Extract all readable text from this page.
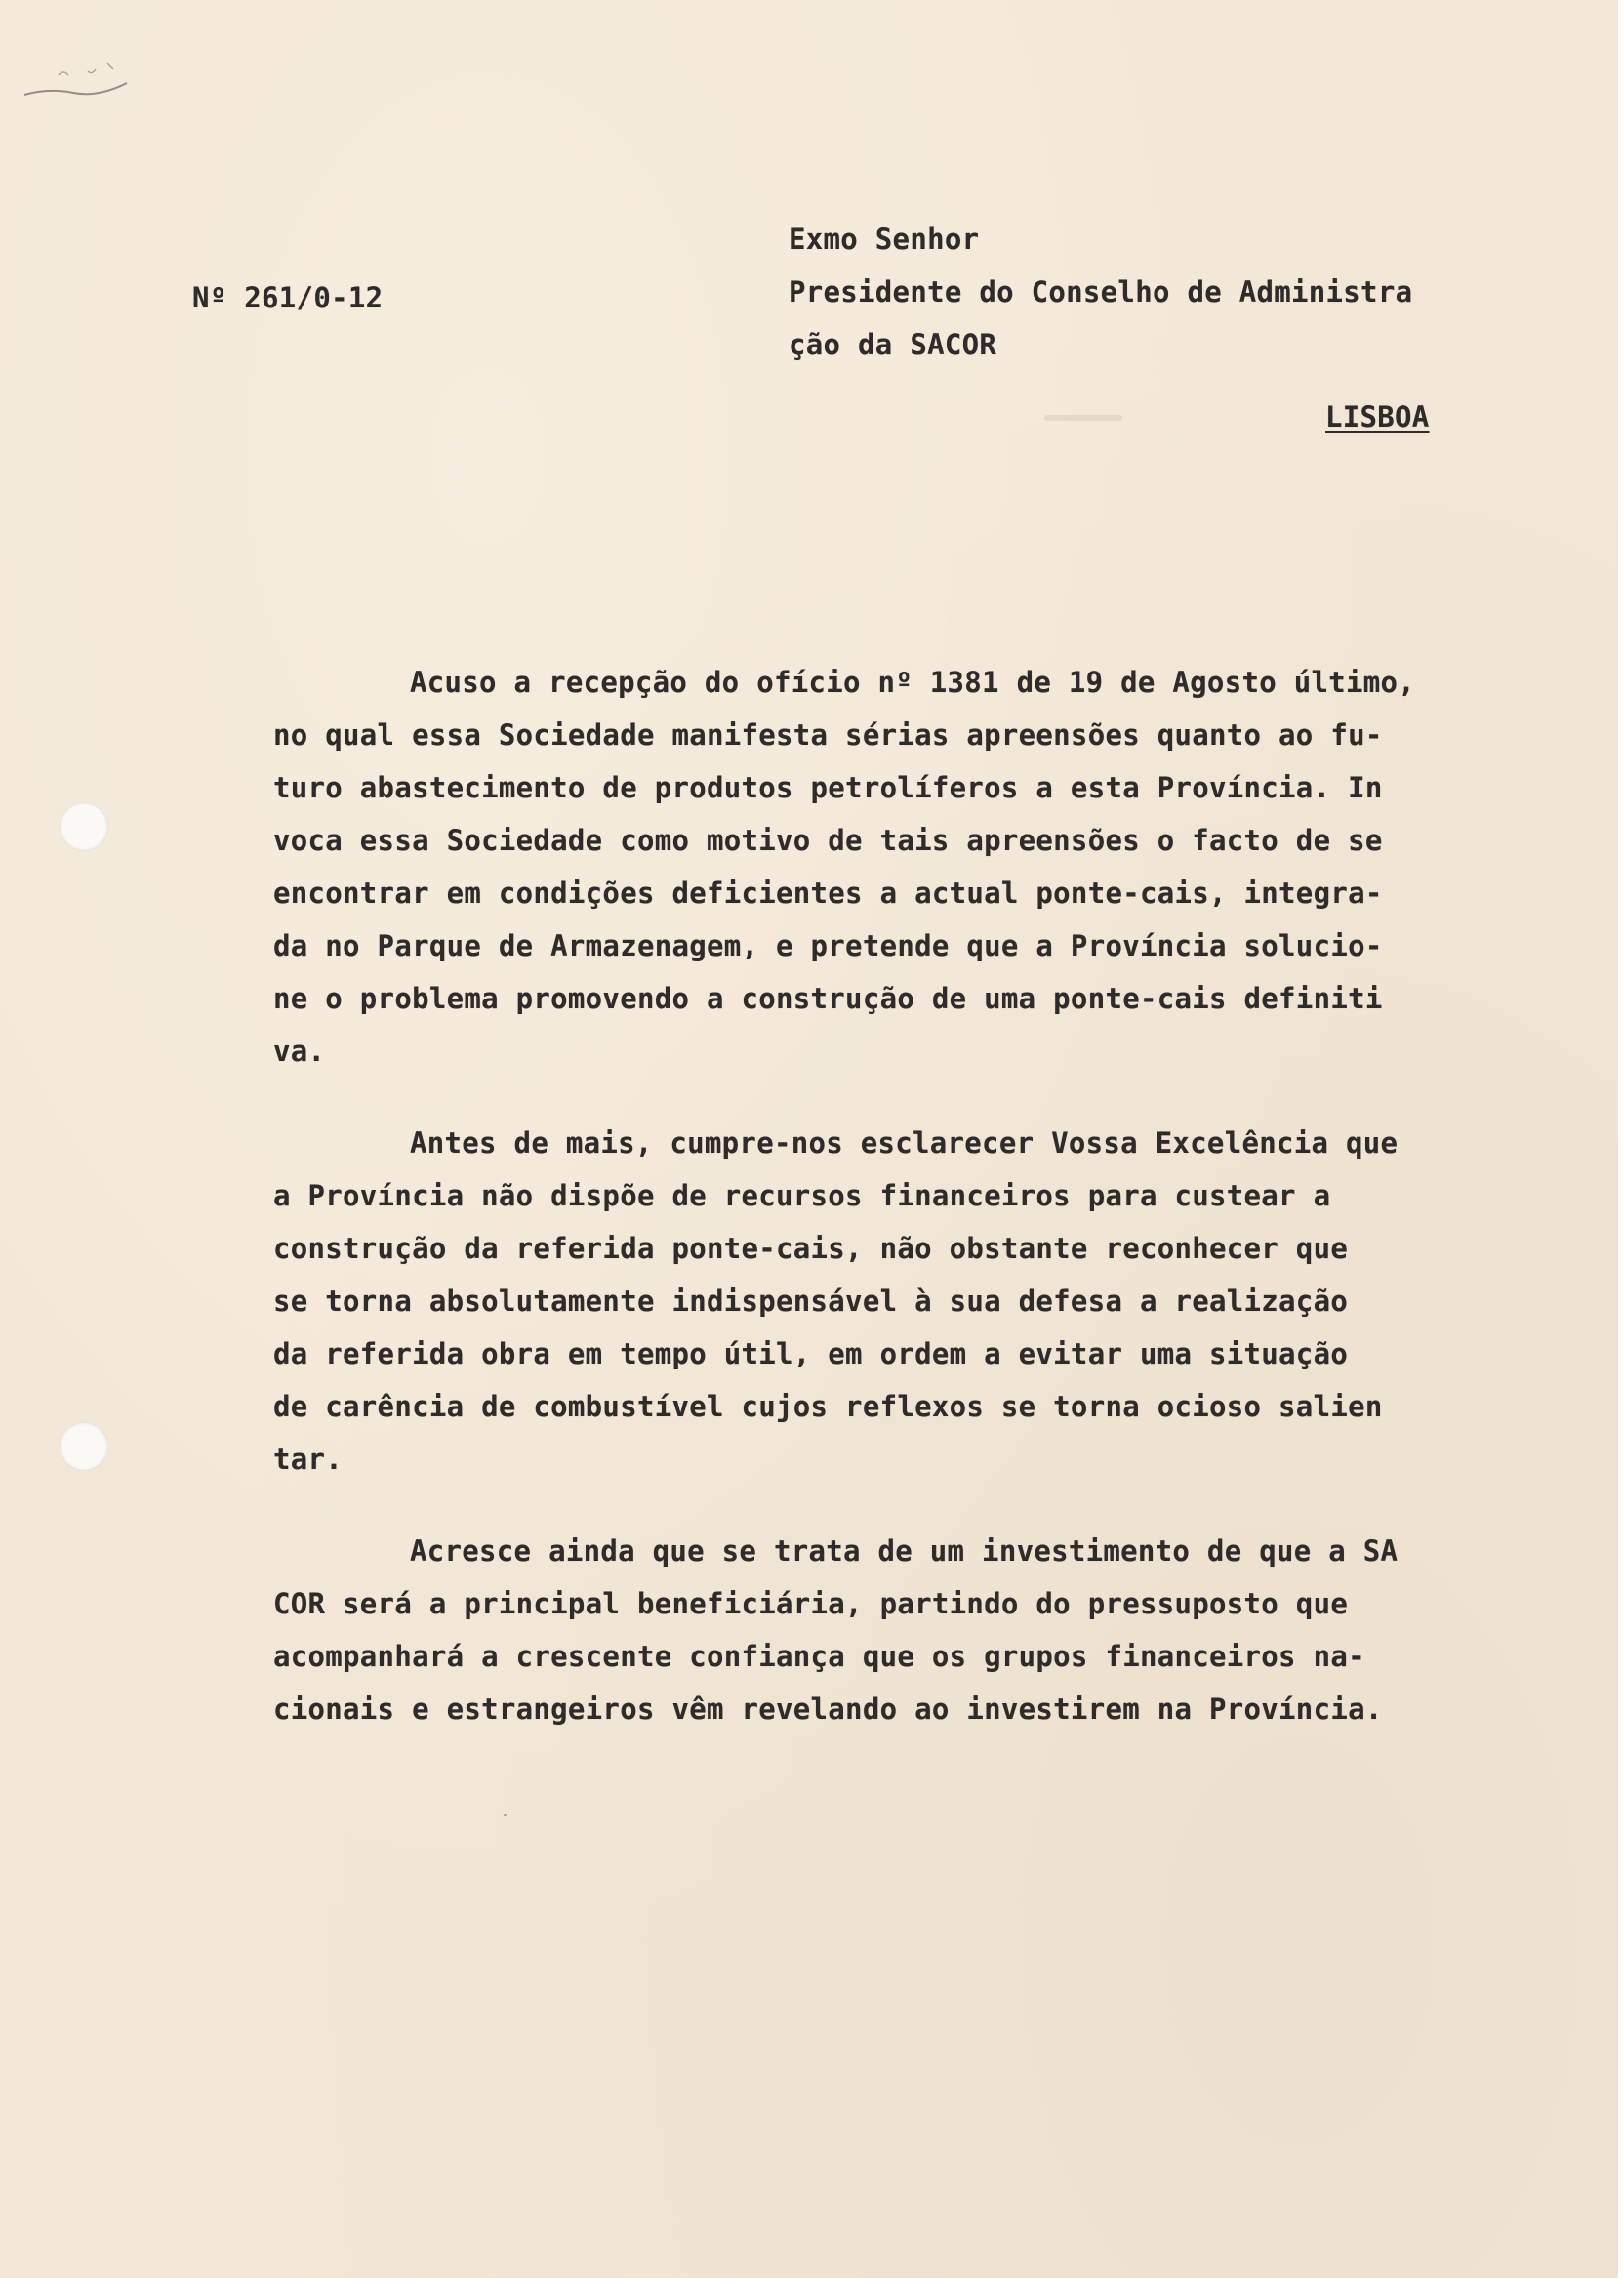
Nº 261/0-12
Exmo Senhor
Presidente do Conselho de Administra
ção da SACOR
LISBOA
Acuso a recepção do ofício nº 1381 de 19 de Agosto último,
no qual essa Sociedade manifesta sérias apreensões quanto ao fu-
turo abastecimento de produtos petrolíferos a esta Província. In
voca essa Sociedade como motivo de tais apreensões o facto de se
encontrar em condições deficientes a actual ponte-cais, integra-
da no Parque de Armazenagem, e pretende que a Província solucio-
ne o problema promovendo a construção de uma ponte-cais definiti
va.
Antes de mais, cumpre-nos esclarecer Vossa Excelência que
a Província não dispõe de recursos financeiros para custear a
construção da referida ponte-cais, não obstante reconhecer que
se torna absolutamente indispensável à sua defesa a realização
da referida obra em tempo útil, em ordem a evitar uma situação
de carência de combustível cujos reflexos se torna ocioso salien
tar.
Acresce ainda que se trata de um investimento de que a SA
COR será a principal beneficiária, partindo do pressuposto que
acompanhará a crescente confiança que os grupos financeiros na-
cionais e estrangeiros vêm revelando ao investirem na Província.
